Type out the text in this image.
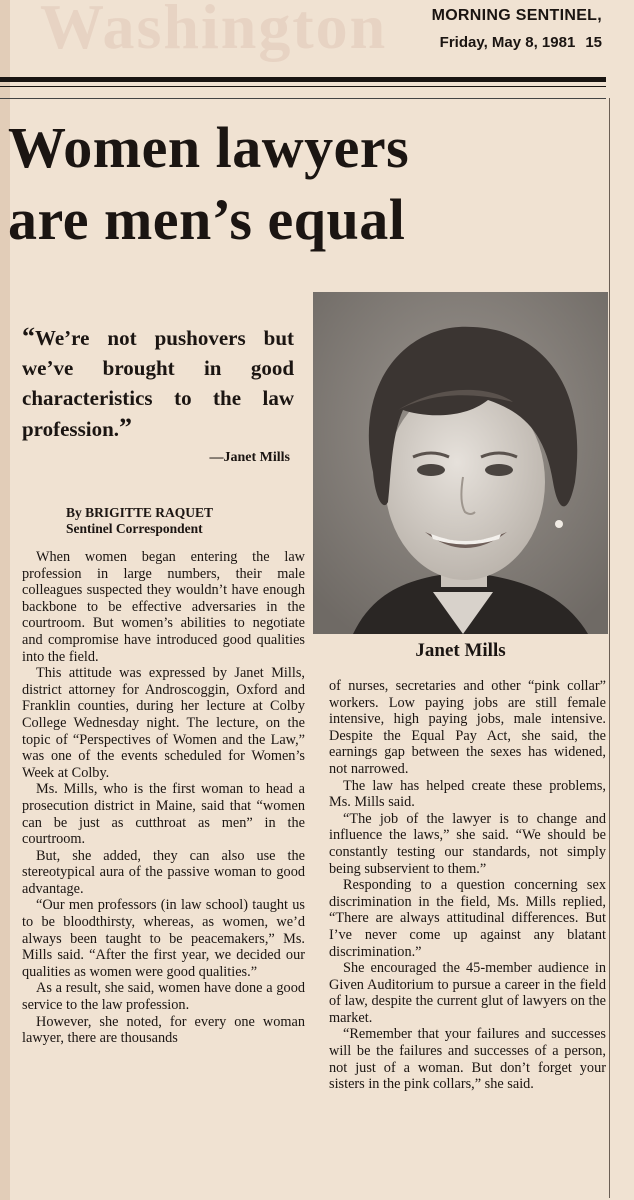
Washington	MORNING SENTINEL,
Friday, May 8, 1981 15
Women lawyers
are men’s equal
“We’re not pushovers but we’ve brought in good characteristics to the law profession.”
—Janet Mills
By BRIGITTE RAQUET
Sentinel Correspondent
Janet Mills

When women began entering the law profession in large numbers, their male colleagues suspected they wouldn’t have enough backbone to be effective adversaries in the courtroom. But women’s abilities to negotiate and compromise have introduced good qualities into the field.

This attitude was expressed by Janet Mills, district attorney for Androscoggin, Oxford and Franklin counties, during her lecture at Colby College Wednesday night. The lecture, on the topic of “Perspectives of Women and the Law,” was one of the events scheduled for Women’s Week at Colby.

Ms. Mills, who is the first woman to head a prosecution district in Maine, said that “women can be just as cutthroat as men” in the courtroom.

But, she added, they can also use the stereotypical aura of the passive woman to good advantage.

“Our men professors (in law school) taught us to be bloodthirsty, whereas, as women, we’d always been taught to be peacemakers,” Ms. Mills said. “After the first year, we decided our qualities as women were good qualities.”

As a result, she said, women have done a good service to the law profession.

However, she noted, for every one woman lawyer, there are thousands

of nurses, secretaries and other “pink collar” workers. Low paying jobs are still female intensive, high paying jobs, male intensive. Despite the Equal Pay Act, she said, the earnings gap between the sexes has widened, not narrowed.

The law has helped create these problems, Ms. Mills said.

“The job of the lawyer is to change and influence the laws,” she said. “We should be constantly testing our standards, not simply being subservient to them.”

Responding to a question concerning sex discrimination in the field, Ms. Mills replied, “There are always attitudinal differences. But I’ve never come up against any blatant discrimination.”

She encouraged the 45-member audience in Given Auditorium to pursue a career in the field of law, despite the current glut of lawyers on the market.

“Remember that your failures and successes will be the failures and successes of a person, not just of a woman. But don’t forget your sisters in the pink collars,” she said.
